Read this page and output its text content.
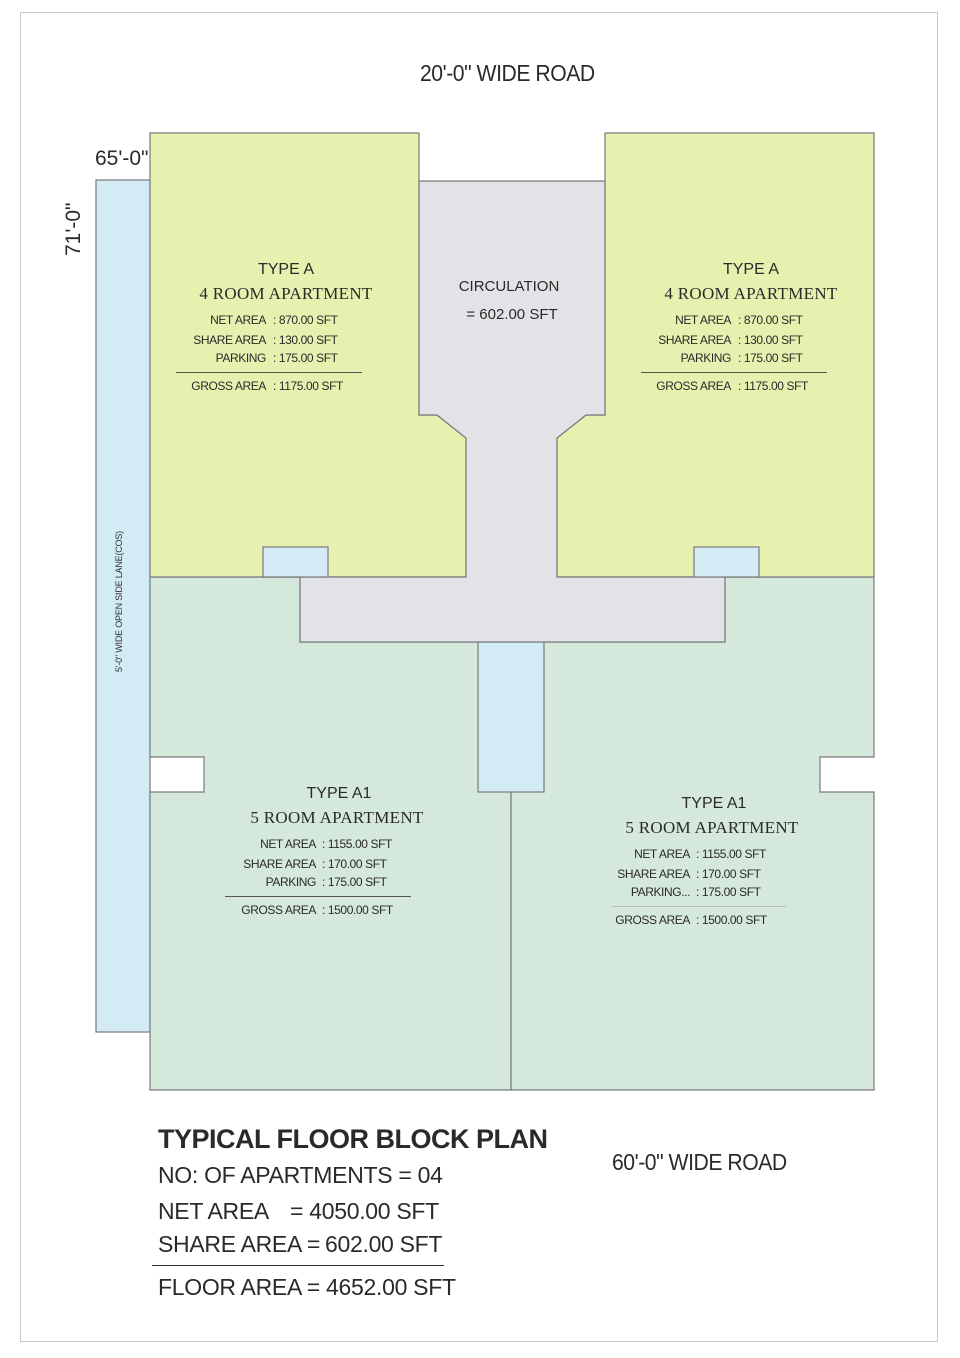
20'-0" WIDE ROAD
60'-0" WIDE ROAD
65'-0"
71'-0"
5'-0" WIDE OPEN SIDE LANE(COS)
CIRCULATION
= 602.00 SFT
TYPE A
4 ROOM APARTMENT
NET AREA : 870.00 SFT
SHARE AREA : 130.00 SFT
PARKING : 175.00 SFT
GROSS AREA : 1175.00 SFT
TYPE A
4 ROOM APARTMENT
NET AREA : 870.00 SFT
SHARE AREA : 130.00 SFT
PARKING : 175.00 SFT
GROSS AREA : 1175.00 SFT
TYPE A1
5 ROOM APARTMENT
NET AREA : 1155.00 SFT
SHARE AREA : 170.00 SFT
PARKING : 175.00 SFT
GROSS AREA : 1500.00 SFT
TYPE A1
5 ROOM APARTMENT
NET AREA : 1155.00 SFT
SHARE AREA : 170.00 SFT
PARKING... : 175.00 SFT
GROSS AREA : 1500.00 SFT
TYPICAL FLOOR BLOCK PLAN
NO: OF APARTMENTS = 04
NET AREA = 4050.00 SFT
SHARE AREA = 602.00 SFT
FLOOR AREA = 4652.00 SFT
